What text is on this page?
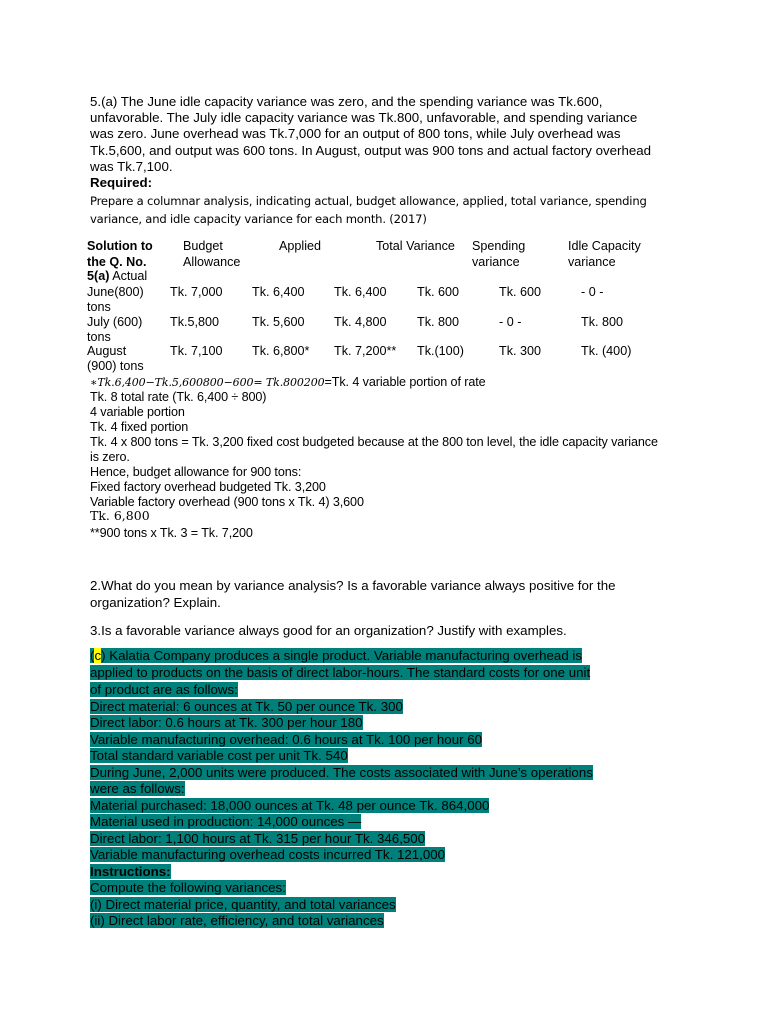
5.(a) The June idle capacity variance was zero, and the spending variance was Tk.600,
unfavorable. The July idle capacity variance was Tk.800, unfavorable, and spending variance
was zero. June overhead was Tk.7,000 for an output of 800 tons, while July overhead was
Tk.5,600, and output was 600 tons. In August, output was 900 tons and actual factory overhead
was Tk.7,100.
Required:
Prepare a columnar analysis, indicating actual, budget allowance, applied, total variance, spending
variance, and idle capacity variance for each month. (2017)
Solution to
the Q. No.
Budget
Allowance
Applied	Total Variance Spending
variance
Idle Capacity
variance
5(a) Actual
June(800)
tons
Tk. 7,000 Tk. 6,400 Tk. 6,400 Tk. 600	Tk. 600	- 0 -
July (600)
tons
Tk.5,800	Tk. 5,600 Tk. 4,800 Tk. 800	- 0 -	Tk. 800
August
(900) tons
Tk. 7,100 Tk. 6,800* Tk. 7,200** Tk.(100)	Tk. 300	Tk. (400)
∗𝑇𝑘.6,400−𝑇𝑘.5,600800−600= 𝑇𝑘.800200=Tk. 4 variable portion of rate
Tk. 8 total rate (Tk. 6,400 ÷ 800)
4 variable portion
Tk. 4 fixed portion
Tk. 4 x 800 tons = Tk. 3,200 fixed cost budgeted because at the 800 ton level, the idle capacity variance
is zero.
Hence, budget allowance for 900 tons:
Fixed factory overhead budgeted Tk. 3,200
Variable factory overhead (900 tons x Tk. 4) 3,600
Tk. 6,800
**900 tons x Tk. 3 = Tk. 7,200
2.What do you mean by variance analysis? Is a favorable variance always positive for the
organization? Explain.
3.Is a favorable variance always good for an organization? Justify with examples.
(c) Kalatia Company produces a single product. Variable manufacturing overhead is
applied to products on the basis of direct labor-hours. The standard costs for one unit
of product are as follows:
Direct material: 6 ounces at Tk. 50 per ounce Tk. 300
Direct labor: 0.6 hours at Tk. 300 per hour 180
Variable manufacturing overhead: 0.6 hours at Tk. 100 per hour 60
Total standard variable cost per unit Tk. 540
During June, 2,000 units were produced. The costs associated with June’s operations
were as follows:
Material purchased: 18,000 ounces at Tk. 48 per ounce Tk. 864,000
Material used in production: 14,000 ounces —
Direct labor: 1,100 hours at Tk. 315 per hour Tk. 346,500
Variable manufacturing overhead costs incurred Tk. 121,000
Instructions:
Compute the following variances:
(i) Direct material price, quantity, and total variances
(ii) Direct labor rate, efficiency, and total variances
